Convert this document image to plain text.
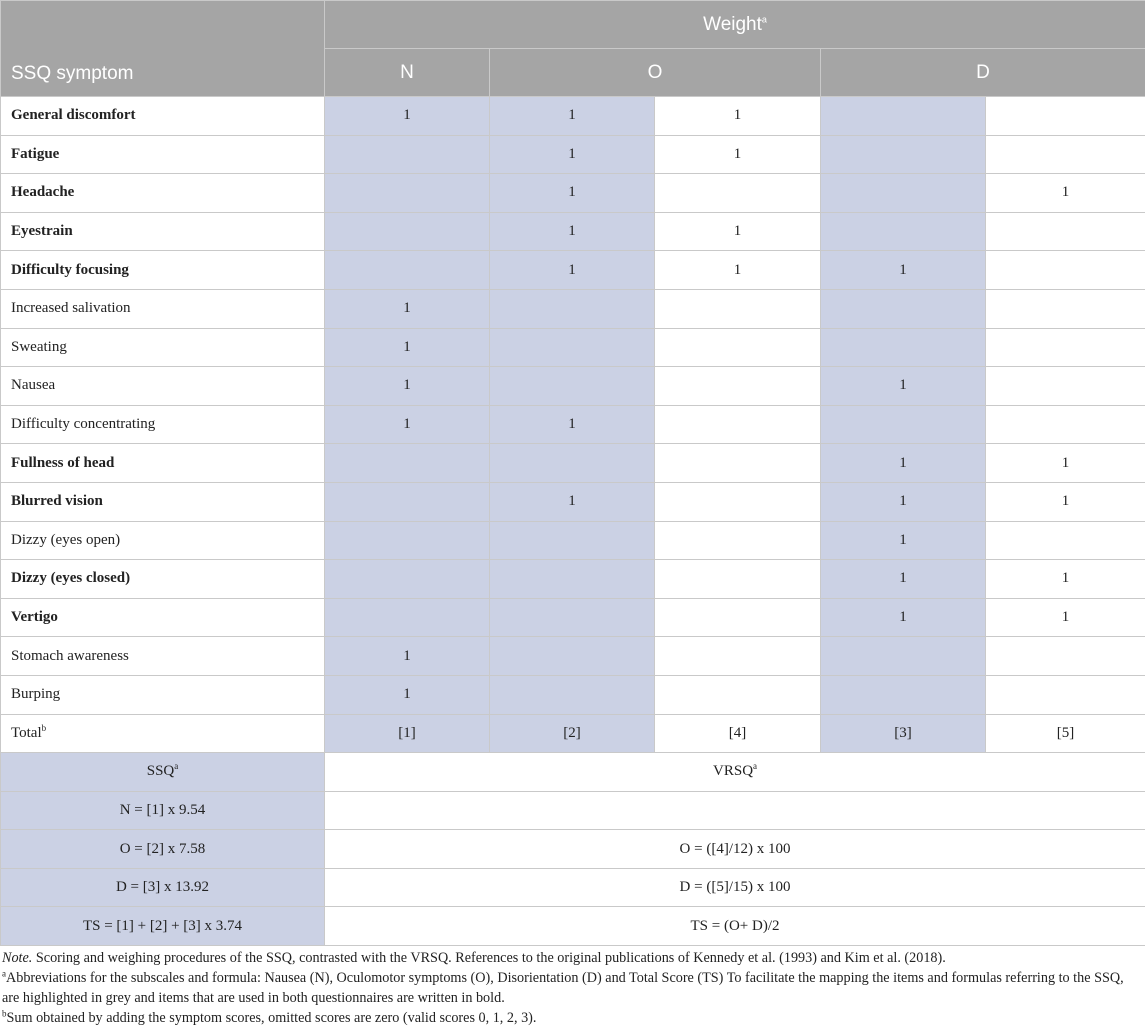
SSQ symptom	Weight$^a$
	N	O		D	
General discomfort	1	1	1		
Fatigue		1	1		
Headache		1			1
Eyestrain		1	1		
Difficulty focusing		1	1	1	
Increased salivation	1				
Sweating	1				
Nausea	1			1	
Difficulty concentrating	1	1			
Fullness of head				1	1
Blurred vision		1		1	1
Dizzy (eyes open)				1	
Dizzy (eyes closed)				1	1
Vertigo				1	1
Stomach awareness	1				
Burping	1				
Total$^b$	[1]	[2]	[4]	[3]	[5]
SSQ$^a$	VRSQ$^a$
N = [1] x 9.54					
O = [2] x 7.58	O = ([4]/12) x 100				
D = [3] x 13.92	D = ([5]/15) x 100				
TS = [1] + [2] + [3] x 3.74	TS = (O+ D)/2				

Note. Scoring and weighing procedures of the SSQ, contrasted with the VRSQ. References to the original publications of Kennedy et al. (1993) and Kim et al. (2018).

$^a$Abbreviations for the subscales and formula: Nausea (N), Oculomotor symptoms (O), Disorientation (D) and Total Score (TS) To facilitate the mapping the items and formulas referring to the SSQ, are highlighted in grey and items that are used in both questionnaires are written in bold.

$^b$Sum obtained by adding the symptom scores, omitted scores are zero (valid scores 0, 1, 2, 3).
